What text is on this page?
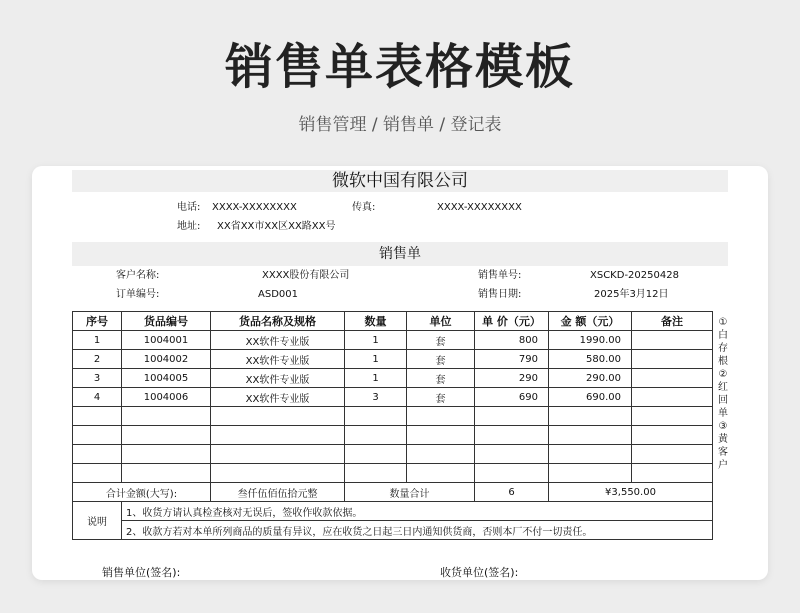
销售单表格模板
销售管理 / 销售单 / 登记表
微软中国有限公司
电话: XXXX-XXXXXXXX	传真:	XXXX-XXXXXXXX
地址: XX省XX市XX区XX路XX号
销售单
客户名称:	XXXX股份有限公司	销售单号:	XSCKD-20250428
订单编号:	ASD001	销售日期:	2025年3月12日
序号	货品编号	货品名称及规格	数量	单位	单 价（元）	金 额（元）	备注
1	1004001	XX软件专业版	1	套	800	1990.00	
2	1004002	XX软件专业版	1	套	790	580.00	
3	1004005	XX软件专业版	1	套	290	290.00	
4	1004006	XX软件专业版	3	套	690	690.00	

合计金额(大写):		叁仟伍佰伍拾元整	数量合计		6	¥3,550.00	
说明	1、收货方请认真检查核对无误后，签收作收款依据。						
	2、收款方若对本单所列商品的质量有异议，应在收货之日起三日内通知供货商，否则本厂不付一切责任。						
①
白
存
根
②
红
回
单
③
黄
客
户
销售单位(签名):	收货单位(签名):
